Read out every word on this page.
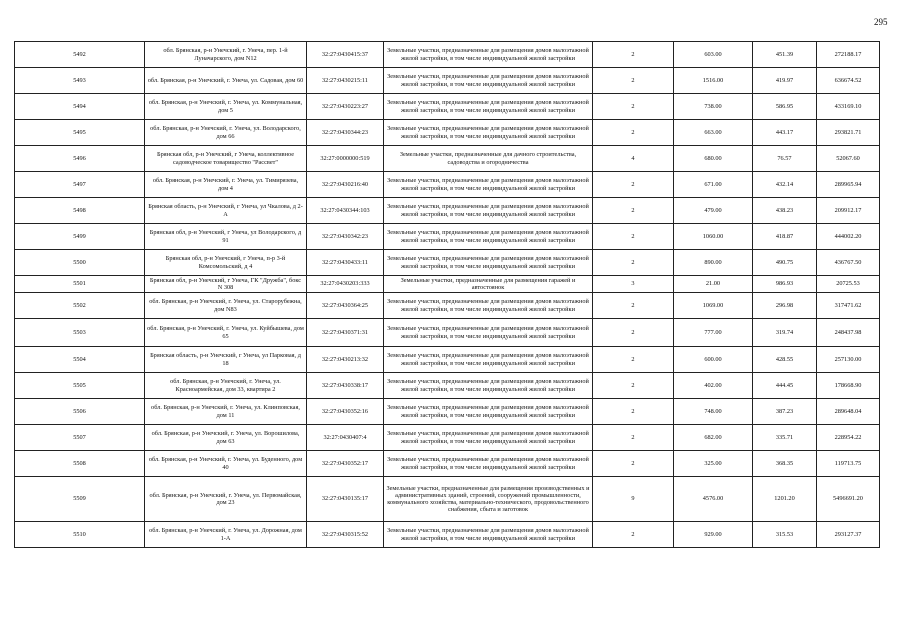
295
5492	обл. Брянская, р-н Унечский, г. Унеча, пер. 1-й Луначарского, дом N12	32:27:0430415:37	Земельные участки, предназначенные для размещения домов малоэтажной жилой застройки, в том числе индивидуальной жилой застройки	2	603.00	451.39	272188.17
5493	обл. Брянская, р-н Унечский, г. Унеча, ул. Садовая, дом 60	32:27:0430215:11	Земельные участки, предназначенные для размещения домов малоэтажной жилой застройки, в том числе индивидуальной жилой застройки	2	1516.00	419.97	636674.52
5494	обл. Брянская, р-н Унечский, г. Унеча, ул. Коммунальная, дом 5	32:27:0430223:27	Земельные участки, предназначенные для размещения домов малоэтажной жилой застройки, в том числе индивидуальной жилой застройки	2	738.00	586.95	433169.10
5495	обл. Брянская, р-н Унечский, г. Унеча, ул. Володарского, дом 66	32:27:0430344:23	Земельные участки, предназначенные для размещения домов малоэтажной жилой застройки, в том числе индивидуальной жилой застройки	2	663.00	443.17	293821.71
5496	Брянская обл, р-н Унечский, г Унеча, коллективное садоводческое товарищество "Рассвет"	32:27:0000000:519	Земельные участки, предназначенные для дачного строительства, садоводства и огородничества	4	680.00	76.57	52067.60
5497	обл. Брянская, р-н Унечский, г. Унеча, ул. Тимирязева, дом 4	32:27:0430216:40	Земельные участки, предназначенные для размещения домов малоэтажной жилой застройки, в том числе индивидуальной жилой застройки	2	671.00	432.14	289965.94
5498	Брянская область, р-н Унечский, г Унеча, ул Чкалова, д 2-А	32:27:0430344:103	Земельные участки, предназначенные для размещения домов малоэтажной жилой застройки, в том числе индивидуальной жилой застройки	2	479.00	438.23	209912.17
5499	Брянская обл, р-н Унечский, г Унеча, ул Володарского, д 91	32:27:0430342:23	Земельные участки, предназначенные для размещения домов малоэтажной жилой застройки, в том числе индивидуальной жилой застройки	2	1060.00	418.87	444002.20
5500	Брянская обл, р-н Унечский, г Унеча, п-р 3-й Комсомольский, д 4	32:27:0430433:11	Земельные участки, предназначенные для размещения домов малоэтажной жилой застройки, в том числе индивидуальной жилой застройки	2	890.00	490.75	436767.50
5501	Брянская обл, р-н Унечский, г Унеча, ГК "Дружба", бокс N 308	32:27:0430203:333	Земельные участки, предназначенные для размещения гаражей и автостоянок	3	21.00	986.93	20725.53
5502	обл. Брянская, р-н Унечский, г. Унеча, ул. Старорубежна, дом N83	32:27:0430364:25	Земельные участки, предназначенные для размещения домов малоэтажной жилой застройки, в том числе индивидуальной жилой застройки	2	1069.00	296.98	317471.62
5503	обл. Брянская, р-н Унечский, г. Унеча, ул. Куйбышева, дом 65	32:27:0430371:31	Земельные участки, предназначенные для размещения домов малоэтажной жилой застройки, в том числе индивидуальной жилой застройки	2	777.00	319.74	248437.98
5504	Брянская область, р-н Унечский, г Унеча, ул Парковая, д 18	32:27:0430213:32	Земельные участки, предназначенные для размещения домов малоэтажной жилой застройки, в том числе индивидуальной жилой застройки	2	600.00	428.55	257130.00
5505	обл. Брянская, р-н Унечский, г. Унеча, ул. Красноармейская, дом 33, квартира 2	32:27:0430338:17	Земельные участки, предназначенные для размещения домов малоэтажной жилой застройки, в том числе индивидуальной жилой застройки	2	402.00	444.45	178668.90
5506	обл. Брянская, р-н Унечский, г. Унеча, ул. Клинповская, дом 11	32:27:0430352:16	Земельные участки, предназначенные для размещения домов малоэтажной жилой застройки, в том числе индивидуальной жилой застройки	2	748.00	387.23	289648.04
5507	обл. Брянская, р-н Унечский, г. Унеча, ул. Ворошилова, дом 63	32:27:0430407:4	Земельные участки, предназначенные для размещения домов малоэтажной жилой застройки, в том числе индивидуальной жилой застройки	2	682.00	335.71	228954.22
5508	обл. Брянская, р-н Унечский, г. Унеча, ул. Буденного, дом 40	32:27:0430352:17	Земельные участки, предназначенные для размещения домов малоэтажной жилой застройки, в том числе индивидуальной жилой застройки	2	325.00	368.35	119713.75
5509	обл. Брянская, р-н Унечский, г. Унеча, ул. Первомайская, дом 23	32:27:0430135:17	Земельные участки, предназначенные для размещения производственных и административных зданий, строений, сооружений промышленности, коммунального хозяйства, материально-технического, продовольственного снабжения, сбыта и заготовок	9	4576.00	1201.20	5496691.20
5510	обл. Брянская, р-н Унечский, г. Унеча, ул. Дорожная, дом 1-А	32:27:0430315:52	Земельные участки, предназначенные для размещения домов малоэтажной жилой застройки, в том числе индивидуальной жилой застройки	2	929.00	315.53	293127.37
